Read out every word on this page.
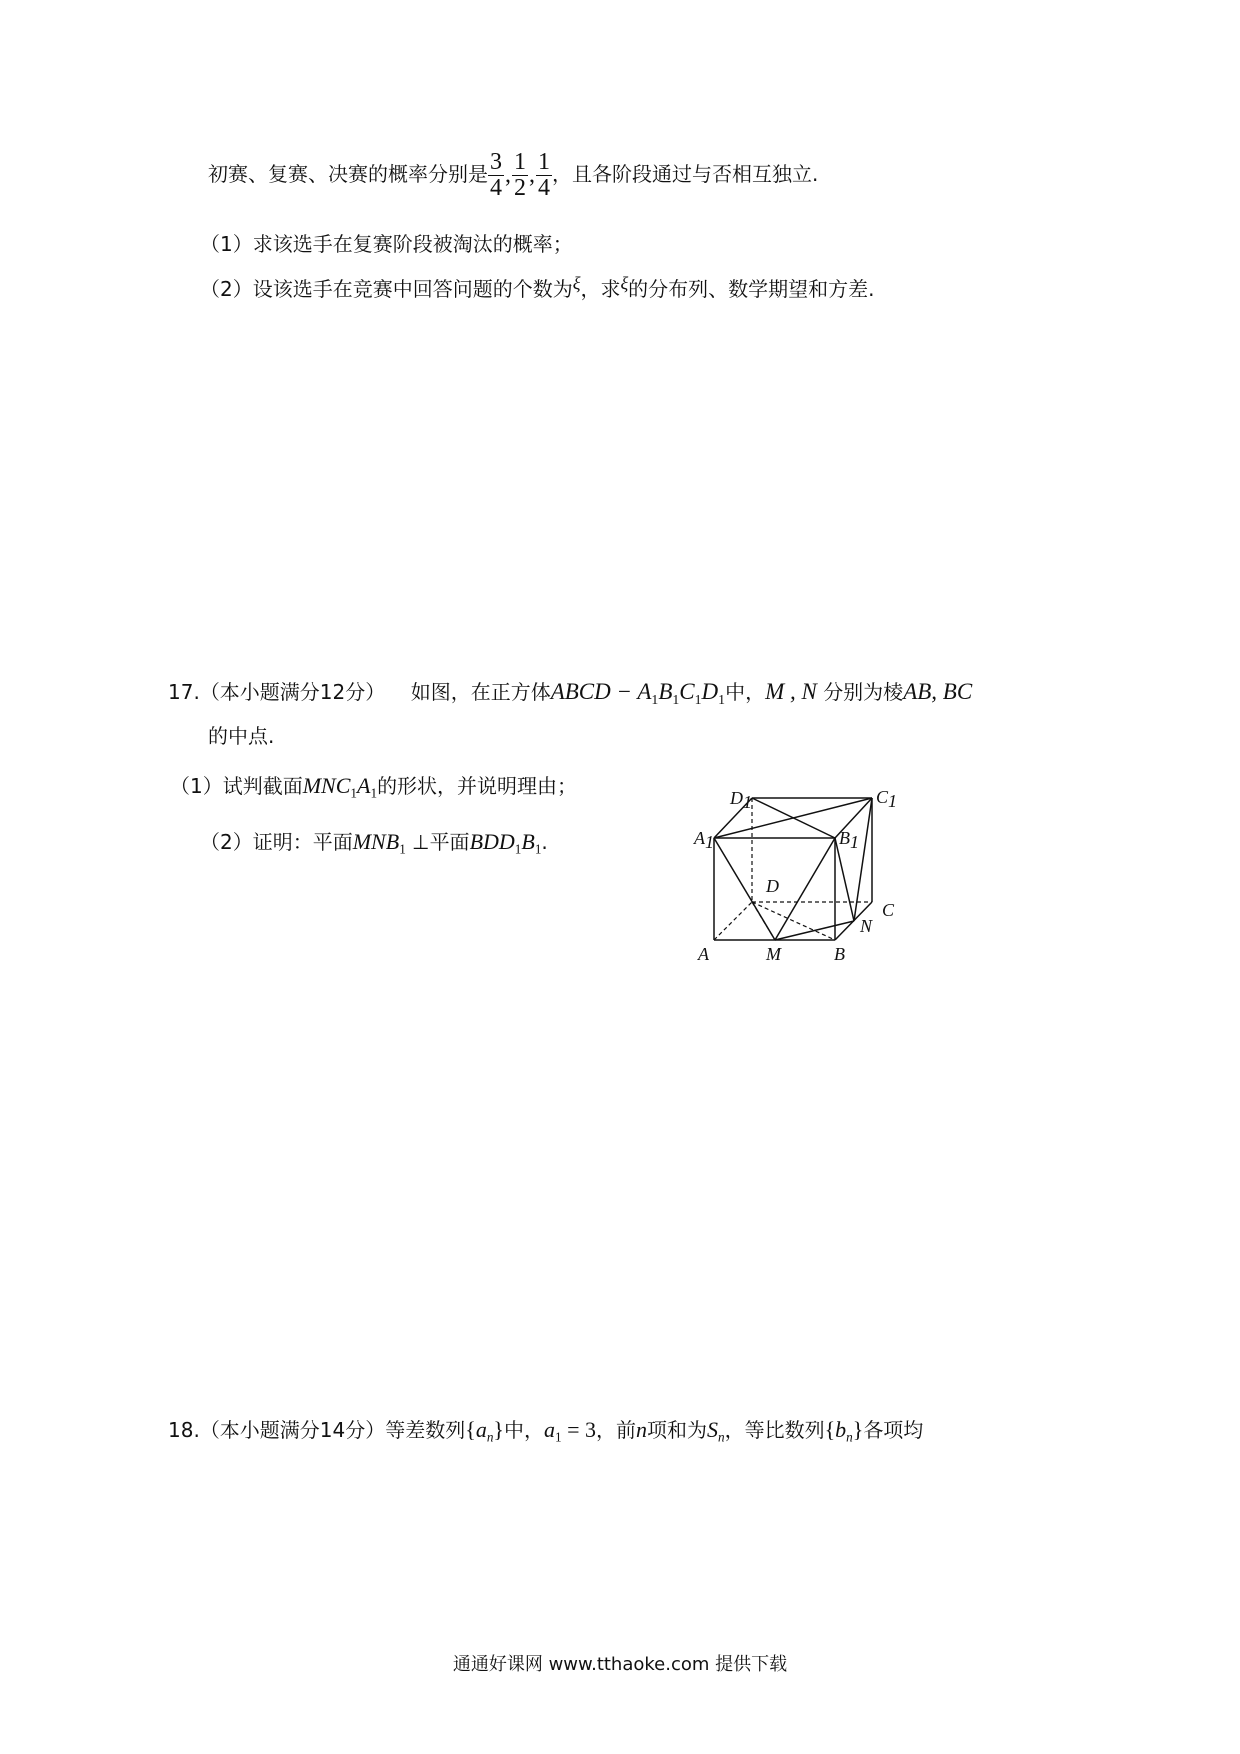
初赛、复赛、决赛的概率分别是 $\frac{3}{4}$ , $\frac{1}{2}$ , $\frac{1}{4}$ ，且各阶段通过与否相互独立.
（1）求该选手在复赛阶段被淘汰的概率；
（2）设该选手在竞赛中回答问题的个数为ξ，求ξ的分布列、数学期望和方差.
17.（本小题满分12分） 如图，在正方体ABCD − $A_1B_1C_1D_1$中，M , N 分别为棱AB, BC
的中点.
（1）试判截面$MNC_1A_1$的形状，并说明理由；
（2）证明：平面$MNB_1$ ⊥平面$BDD_1B_1$.
D1	C1
A1	B1
D
C
N
A	M	B
18.（本小题满分14分）等差数列$\{a_n\}$中，$a_1 = 3$，前n项和为$S_n$，等比数列$\{b_n\}$各项均
通通好课网 www.tthaoke.com 提供下载
